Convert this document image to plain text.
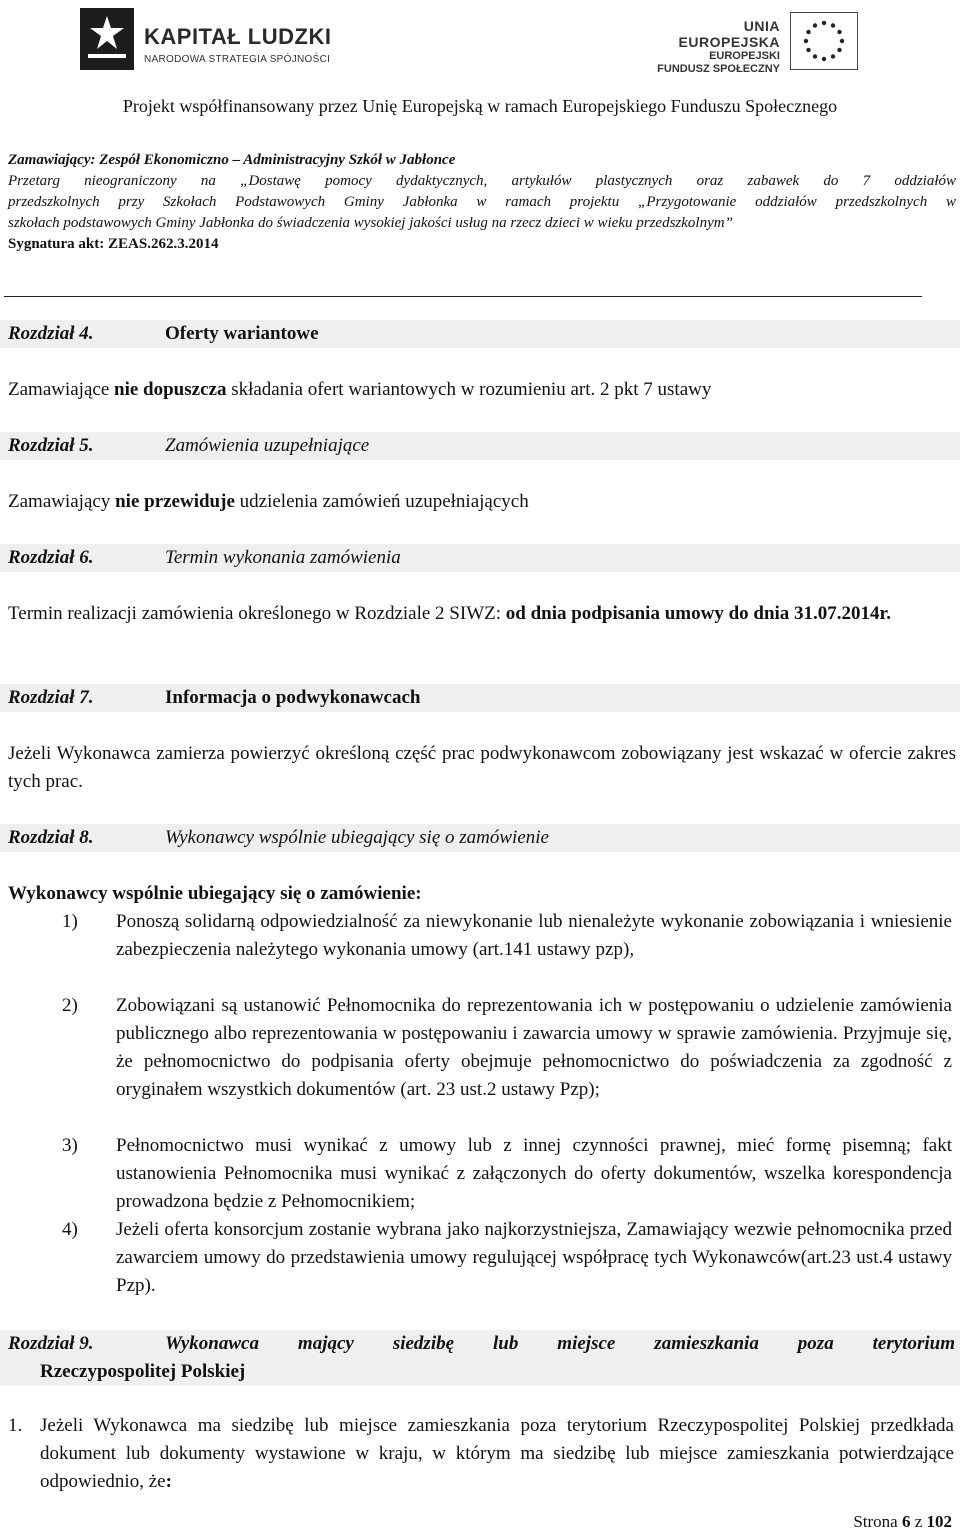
KAPITAŁ LUDZKI
NARODOWA STRATEGIA SPÓJNOŚCI
UNIA EUROPEJSKA
EUROPEJSKI
FUNDUSZ SPOŁECZNY
Projekt współfinansowany przez Unię Europejską w ramach Europejskiego Funduszu Społecznego
Zamawiający: Zespół Ekonomiczno – Administracyjny Szkół w Jabłonce
Przetarg nieograniczony na „Dostawę pomocy dydaktycznych, artykułów plastycznych oraz zabawek do 7 oddziałów
przedszkolnych przy Szkołach Podstawowych Gminy Jabłonka w ramach projektu „Przygotowanie oddziałów przedszkolnych w
szkołach podstawowych Gminy Jabłonka do świadczenia wysokiej jakości usług na rzecz dzieci w wieku przedszkolnym”
Sygnatura akt: ZEAS.262.3.2014
Rozdział 4.	Oferty wariantowe
Zamawiające nie dopuszcza składania ofert wariantowych w rozumieniu art. 2 pkt 7 ustawy
Rozdział 5.	Zamówienia uzupełniające
Zamawiający nie przewiduje udzielenia zamówień uzupełniających
Rozdział 6.	Termin wykonania zamówienia
Termin realizacji zamówienia określonego w Rozdziale 2 SIWZ: od dnia podpisania umowy do dnia 31.07.2014r.
Rozdział 7.	Informacja o podwykonawcach
Jeżeli Wykonawca zamierza powierzyć określoną część prac podwykonawcom zobowiązany jest wskazać w ofercie zakres tych prac.
Rozdział 8.	Wykonawcy wspólnie ubiegający się o zamówienie
Wykonawcy wspólnie ubiegający się o zamówienie:
1) Ponoszą solidarną odpowiedzialność za niewykonanie lub nienależyte wykonanie zobowiązania i wniesienie zabezpieczenia należytego wykonania umowy (art.141 ustawy pzp),
2) Zobowiązani są ustanowić Pełnomocnika do reprezentowania ich w postępowaniu o udzielenie zamówienia publicznego albo reprezentowania w postępowaniu i zawarcia umowy w sprawie zamówienia. Przyjmuje się, że pełnomocnictwo do podpisania oferty obejmuje pełnomocnictwo do poświadczenia za zgodność z oryginałem wszystkich dokumentów (art. 23 ust.2 ustawy Pzp);
3) Pełnomocnictwo musi wynikać z umowy lub z innej czynności prawnej, mieć formę pisemną; fakt ustanowienia Pełnomocnika musi wynikać z załączonych do oferty dokumentów, wszelka korespondencja prowadzona będzie z Pełnomocnikiem;
4) Jeżeli oferta konsorcjum zostanie wybrana jako najkorzystniejsza, Zamawiający wezwie pełnomocnika przed zawarciem umowy do przedstawienia umowy regulującej współpracę tych Wykonawców(art.23 ust.4 ustawy Pzp).
Rozdział 9.	Wykonawca mający siedzibę lub miejsce zamieszkania poza terytorium
Rzeczypospolitej Polskiej
1. Jeżeli Wykonawca ma siedzibę lub miejsce zamieszkania poza terytorium Rzeczypospolitej Polskiej przedkłada dokument lub dokumenty wystawione w kraju, w którym ma siedzibę lub miejsce zamieszkania potwierdzające odpowiednio, że:
Strona 6 z 102
